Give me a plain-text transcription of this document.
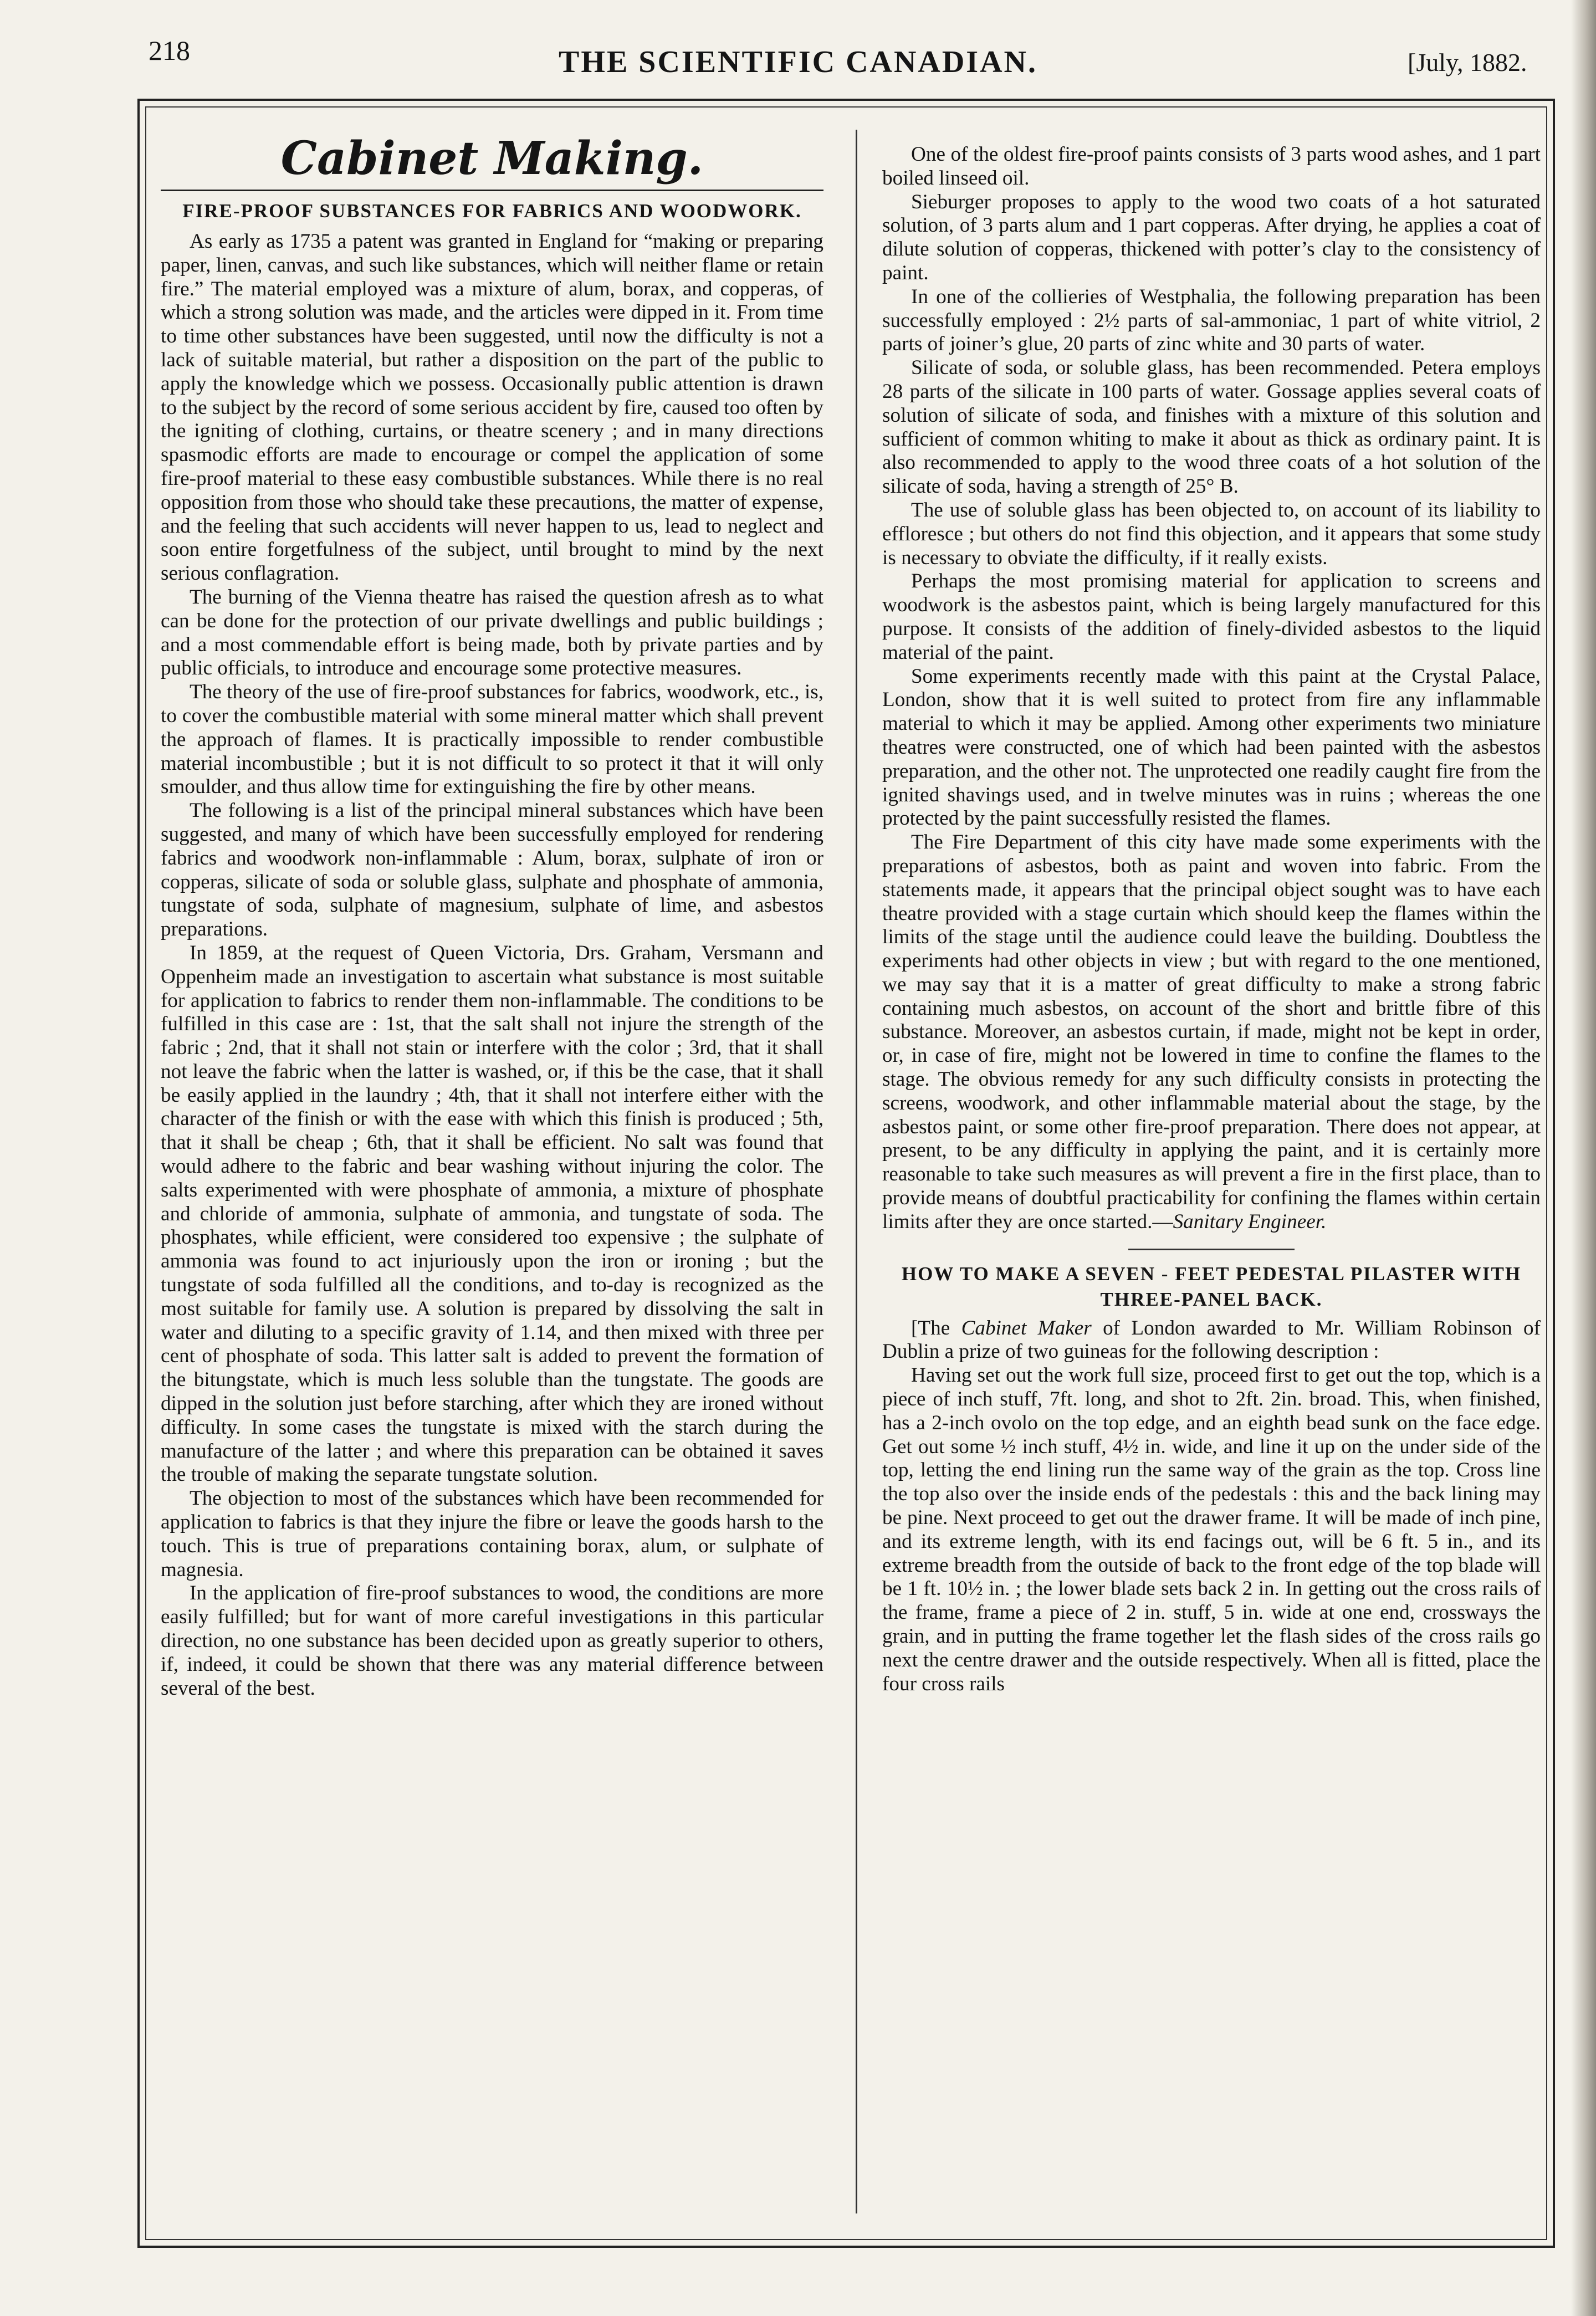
218	THE SCIENTIFIC CANADIAN.	[July, 1882.
Cabinet Making.
FIRE-PROOF SUBSTANCES FOR FABRICS AND WOODWORK.

As early as 1735 a patent was granted in England for “making or preparing paper, linen, canvas, and such like substances, which will neither flame or retain fire.” The material employed was a mixture of alum, borax, and copperas, of which a strong solution was made, and the articles were dipped in it. From time to time other substances have been suggested, until now the difficulty is not a lack of suitable material, but rather a disposition on the part of the public to apply the knowledge which we possess. Occasionally public attention is drawn to the subject by the record of some serious accident by fire, caused too often by the igniting of clothing, curtains, or theatre scenery ; and in many directions spasmodic efforts are made to encourage or compel the application of some fire-proof material to these easy combustible substances. While there is no real opposition from those who should take these precautions, the matter of expense, and the feeling that such accidents will never happen to us, lead to neglect and soon entire forgetfulness of the subject, until brought to mind by the next serious conflagration.

The burning of the Vienna theatre has raised the question afresh as to what can be done for the protection of our private dwellings and public buildings ; and a most commendable effort is being made, both by private parties and by public officials, to introduce and encourage some protective measures.

The theory of the use of fire-proof substances for fabrics, woodwork, etc., is, to cover the combustible material with some mineral matter which shall prevent the approach of flames. It is practically impossible to render combustible material incombustible ; but it is not difficult to so protect it that it will only smoulder, and thus allow time for extinguishing the fire by other means.

The following is a list of the principal mineral substances which have been suggested, and many of which have been successfully employed for rendering fabrics and woodwork non-inflammable : Alum, borax, sulphate of iron or copperas, silicate of soda or soluble glass, sulphate and phosphate of ammonia, tungstate of soda, sulphate of magnesium, sulphate of lime, and asbestos preparations.

In 1859, at the request of Queen Victoria, Drs. Graham, Versmann and Oppenheim made an investigation to ascertain what substance is most suitable for application to fabrics to render them non-inflammable. The conditions to be fulfilled in this case are : 1st, that the salt shall not injure the strength of the fabric ; 2nd, that it shall not stain or interfere with the color ; 3rd, that it shall not leave the fabric when the latter is washed, or, if this be the case, that it shall be easily applied in the laundry ; 4th, that it shall not interfere either with the character of the finish or with the ease with which this finish is produced ; 5th, that it shall be cheap ; 6th, that it shall be efficient. No salt was found that would adhere to the fabric and bear washing without injuring the color. The salts experimented with were phosphate of ammonia, a mixture of phosphate and chloride of ammonia, sulphate of ammonia, and tungstate of soda. The phosphates, while efficient, were considered too expensive ; the sulphate of ammonia was found to act injuriously upon the iron or ironing ; but the tungstate of soda fulfilled all the conditions, and to-day is recognized as the most suitable for family use. A solution is prepared by dissolving the salt in water and diluting to a specific gravity of 1.14, and then mixed with three per cent of phosphate of soda. This latter salt is added to prevent the formation of the bitungstate, which is much less soluble than the tungstate. The goods are dipped in the solution just before starching, after which they are ironed without difficulty. In some cases the tungstate is mixed with the starch during the manufacture of the latter ; and where this preparation can be obtained it saves the trouble of making the separate tungstate solution.

The objection to most of the substances which have been recommended for application to fabrics is that they injure the fibre or leave the goods harsh to the touch. This is true of preparations containing borax, alum, or sulphate of magnesia.

In the application of fire-proof substances to wood, the conditions are more easily fulfilled; but for want of more careful investigations in this particular direction, no one substance has been decided upon as greatly superior to others, if, indeed, it could be shown that there was any material difference between several of the best.

One of the oldest fire-proof paints consists of 3 parts wood ashes, and 1 part boiled linseed oil.

Sieburger proposes to apply to the wood two coats of a hot saturated solution, of 3 parts alum and 1 part copperas. After drying, he applies a coat of dilute solution of copperas, thickened with potter’s clay to the consistency of paint.

In one of the collieries of Westphalia, the following preparation has been successfully employed : 2½ parts of sal-ammoniac, 1 part of white vitriol, 2 parts of joiner’s glue, 20 parts of zinc white and 30 parts of water.

Silicate of soda, or soluble glass, has been recommended. Petera employs 28 parts of the silicate in 100 parts of water. Gossage applies several coats of solution of silicate of soda, and finishes with a mixture of this solution and sufficient of common whiting to make it about as thick as ordinary paint. It is also recommended to apply to the wood three coats of a hot solution of the silicate of soda, having a strength of 25° B.

The use of soluble glass has been objected to, on account of its liability to effloresce ; but others do not find this objection, and it appears that some study is necessary to obviate the difficulty, if it really exists.

Perhaps the most promising material for application to screens and woodwork is the asbestos paint, which is being largely manufactured for this purpose. It consists of the addition of finely-divided asbestos to the liquid material of the paint.

Some experiments recently made with this paint at the Crystal Palace, London, show that it is well suited to protect from fire any inflammable material to which it may be applied. Among other experiments two miniature theatres were constructed, one of which had been painted with the asbestos preparation, and the other not. The unprotected one readily caught fire from the ignited shavings used, and in twelve minutes was in ruins ; whereas the one protected by the paint successfully resisted the flames.

The Fire Department of this city have made some experiments with the preparations of asbestos, both as paint and woven into fabric. From the statements made, it appears that the principal object sought was to have each theatre provided with a stage curtain which should keep the flames within the limits of the stage until the audience could leave the building. Doubtless the experiments had other objects in view ; but with regard to the one mentioned, we may say that it is a matter of great difficulty to make a strong fabric containing much asbestos, on account of the short and brittle fibre of this substance. Moreover, an asbestos curtain, if made, might not be kept in order, or, in case of fire, might not be lowered in time to confine the flames to the stage. The obvious remedy for any such difficulty consists in protecting the screens, woodwork, and other inflammable material about the stage, by the asbestos paint, or some other fire-proof preparation. There does not appear, at present, to be any difficulty in applying the paint, and it is certainly more reasonable to take such measures as will prevent a fire in the first place, than to provide means of doubtful practicability for confining the flames within certain limits after they are once started.—Sanitary Engineer.

HOW TO MAKE A SEVEN - FEET PEDESTAL PILASTER WITH THREE-PANEL BACK.

[The Cabinet Maker of London awarded to Mr. William Robinson of Dublin a prize of two guineas for the following description :

Having set out the work full size, proceed first to get out the top, which is a piece of inch stuff, 7ft. long, and shot to 2ft. 2in. broad. This, when finished, has a 2-inch ovolo on the top edge, and an eighth bead sunk on the face edge. Get out some ½ inch stuff, 4½ in. wide, and line it up on the under side of the top, letting the end lining run the same way of the grain as the top. Cross line the top also over the inside ends of the pedestals : this and the back lining may be pine. Next proceed to get out the drawer frame. It will be made of inch pine, and its extreme length, with its end facings out, will be 6 ft. 5 in., and its extreme breadth from the outside of back to the front edge of the top blade will be 1 ft. 10½ in. ; the lower blade sets back 2 in. In getting out the cross rails of the frame, frame a piece of 2 in. stuff, 5 in. wide at one end, crossways the grain, and in putting the frame together let the flash sides of the cross rails go next the centre drawer and the outside respectively. When all is fitted, place the four cross rails
